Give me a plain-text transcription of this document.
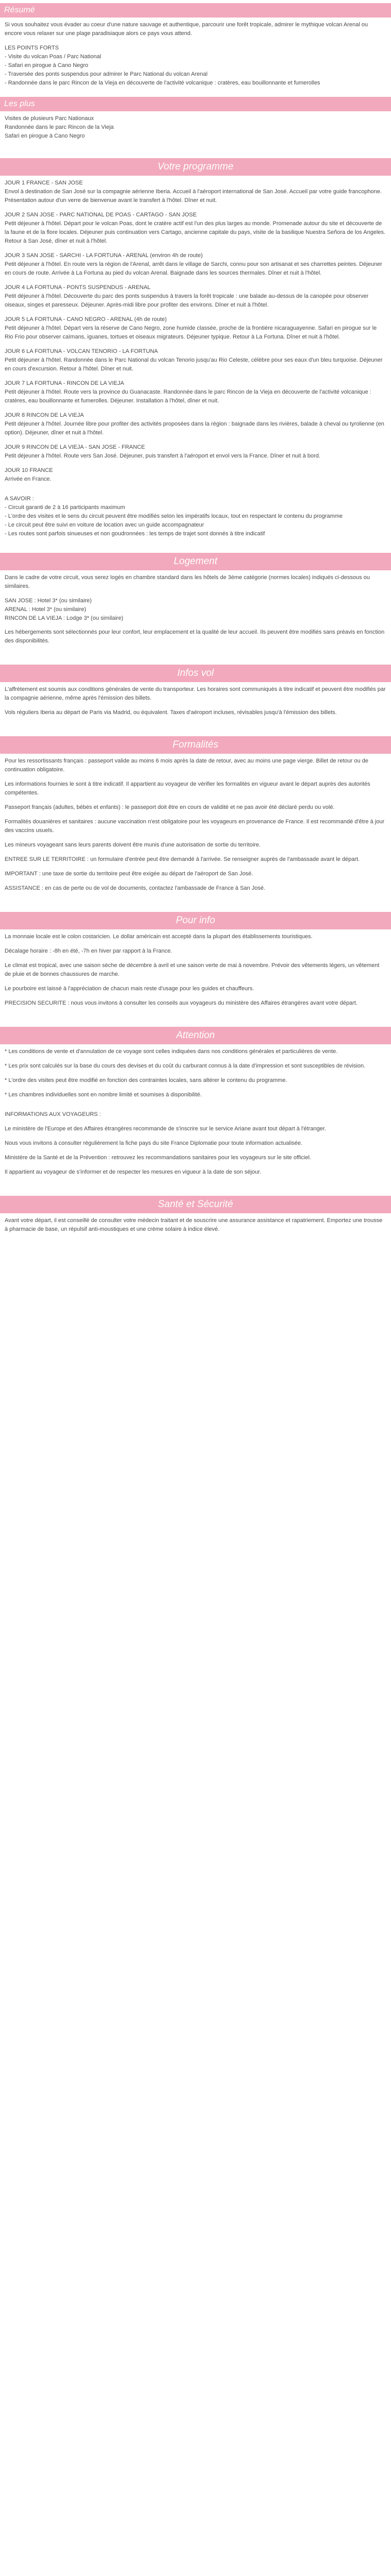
Résumé

Si vous souhaitez vous évader au coeur d'une nature sauvage et authentique, parcourir une forêt tropicale, admirer le mythique volcan Arenal ou encore vous relaxer sur une plage paradisiaque alors ce pays vous attend.

LES POINTS FORTS

- Visite du volcan Poas / Parc National

- Safari en pirogue à Cano Negro

- Traversée des ponts suspendus pour admirer le Parc National du volcan Arenal

- Randonnée dans le parc Rincon de la Vieja en découverte de l'activité volcanique : cratères, eau bouillonnante et fumerolles

Les plus

Visites de plusieurs Parc Nationaux

Randonnée dans le parc Rincon de la Vieja

Safari en pirogue à Cano Negro

Votre programme

JOUR 1 FRANCE - SAN JOSE

Envol à destination de San José sur la compagnie aérienne Iberia. Accueil à l'aéroport international de San José. Accueil par votre guide francophone. Présentation autour d'un verre de bienvenue avant le transfert à l'hôtel. Dîner et nuit.

JOUR 2 SAN JOSE - PARC NATIONAL DE POAS - CARTAGO - SAN JOSE

Petit déjeuner à l'hôtel. Départ pour le volcan Poas, dont le cratère actif est l'un des plus larges au monde. Promenade autour du site et découverte de la faune et de la flore locales. Déjeuner puis continuation vers Cartago, ancienne capitale du pays, visite de la basilique Nuestra Señora de los Angeles. Retour à San José, dîner et nuit à l'hôtel.

JOUR 3 SAN JOSE - SARCHI - LA FORTUNA - ARENAL (environ 4h de route)

Petit déjeuner à l'hôtel. En route vers la région de l'Arenal, arrêt dans le village de Sarchi, connu pour son artisanat et ses charrettes peintes. Déjeuner en cours de route. Arrivée à La Fortuna au pied du volcan Arenal. Baignade dans les sources thermales. Dîner et nuit à l'hôtel.

JOUR 4 LA FORTUNA - PONTS SUSPENDUS - ARENAL

Petit déjeuner à l'hôtel. Découverte du parc des ponts suspendus à travers la forêt tropicale : une balade au-dessus de la canopée pour observer oiseaux, singes et paresseux. Déjeuner. Après-midi libre pour profiter des environs. Dîner et nuit à l'hôtel.

JOUR 5 LA FORTUNA - CANO NEGRO - ARENAL (4h de route)

Petit déjeuner à l'hôtel. Départ vers la réserve de Cano Negro, zone humide classée, proche de la frontière nicaraguayenne. Safari en pirogue sur le Rio Frio pour observer caïmans, iguanes, tortues et oiseaux migrateurs. Déjeuner typique. Retour à La Fortuna. Dîner et nuit à l'hôtel.

JOUR 6 LA FORTUNA - VOLCAN TENORIO - LA FORTUNA

Petit déjeuner à l'hôtel. Randonnée dans le Parc National du volcan Tenorio jusqu'au Rio Celeste, célèbre pour ses eaux d'un bleu turquoise. Déjeuner en cours d'excursion. Retour à l'hôtel. Dîner et nuit.

JOUR 7 LA FORTUNA - RINCON DE LA VIEJA

Petit déjeuner à l'hôtel. Route vers la province du Guanacaste. Randonnée dans le parc Rincon de la Vieja en découverte de l'activité volcanique : cratères, eau bouillonnante et fumerolles. Déjeuner. Installation à l'hôtel, dîner et nuit.

JOUR 8 RINCON DE LA VIEJA

Petit déjeuner à l'hôtel. Journée libre pour profiter des activités proposées dans la région : baignade dans les rivières, balade à cheval ou tyrolienne (en option). Déjeuner, dîner et nuit à l'hôtel.

JOUR 9 RINCON DE LA VIEJA - SAN JOSE - FRANCE

Petit déjeuner à l'hôtel. Route vers San José. Déjeuner, puis transfert à l'aéroport et envol vers la France. Dîner et nuit à bord.

JOUR 10 FRANCE

Arrivée en France.

A SAVOIR :

- Circuit garanti de 2 à 16 participants maximum

- L'ordre des visites et le sens du circuit peuvent être modifiés selon les impératifs locaux, tout en respectant le contenu du programme

- Le circuit peut être suivi en voiture de location avec un guide accompagnateur

- Les routes sont parfois sinueuses et non goudronnées : les temps de trajet sont donnés à titre indicatif

Logement

Dans le cadre de votre circuit, vous serez logés en chambre standard dans les hôtels de 3ème catégorie (normes locales) indiqués ci-dessous ou similaires.

SAN JOSE : Hotel 3* (ou similaire)

ARENAL : Hotel 3* (ou similaire)

RINCON DE LA VIEJA : Lodge 3* (ou similaire)

Les hébergements sont sélectionnés pour leur confort, leur emplacement et la qualité de leur accueil. Ils peuvent être modifiés sans préavis en fonction des disponibilités.

Infos vol

L'affrètement est soumis aux conditions générales de vente du transporteur. Les horaires sont communiqués à titre indicatif et peuvent être modifiés par la compagnie aérienne, même après l'émission des billets.

Vols réguliers Iberia au départ de Paris via Madrid, ou équivalent. Taxes d'aéroport incluses, révisables jusqu'à l'émission des billets.

Formalités

Pour les ressortissants français : passeport valide au moins 6 mois après la date de retour, avec au moins une page vierge. Billet de retour ou de continuation obligatoire.

Les informations fournies le sont à titre indicatif. Il appartient au voyageur de vérifier les formalités en vigueur avant le départ auprès des autorités compétentes.

Passeport français (adultes, bébés et enfants) : le passeport doit être en cours de validité et ne pas avoir été déclaré perdu ou volé.

Formalités douanières et sanitaires : aucune vaccination n'est obligatoire pour les voyageurs en provenance de France. Il est recommandé d'être à jour des vaccins usuels.

Les mineurs voyageant sans leurs parents doivent être munis d'une autorisation de sortie du territoire.

ENTREE SUR LE TERRITOIRE : un formulaire d'entrée peut être demandé à l'arrivée. Se renseigner auprès de l'ambassade avant le départ.

IMPORTANT : une taxe de sortie du territoire peut être exigée au départ de l'aéroport de San José.

ASSISTANCE : en cas de perte ou de vol de documents, contactez l'ambassade de France à San José.

Pour info

La monnaie locale est le colon costaricien. Le dollar américain est accepté dans la plupart des établissements touristiques.

Décalage horaire : -8h en été, -7h en hiver par rapport à la France.

Le climat est tropical, avec une saison sèche de décembre à avril et une saison verte de mai à novembre. Prévoir des vêtements légers, un vêtement de pluie et de bonnes chaussures de marche.

Le pourboire est laissé à l'appréciation de chacun mais reste d'usage pour les guides et chauffeurs.

PRECISION SECURITE : nous vous invitons à consulter les conseils aux voyageurs du ministère des Affaires étrangères avant votre départ.

Attention

* Les conditions de vente et d'annulation de ce voyage sont celles indiquées dans nos conditions générales et particulières de vente.

* Les prix sont calculés sur la base du cours des devises et du coût du carburant connus à la date d'impression et sont susceptibles de révision.

* L'ordre des visites peut être modifié en fonction des contraintes locales, sans altérer le contenu du programme.

* Les chambres individuelles sont en nombre limité et soumises à disponibilité.

INFORMATIONS AUX VOYAGEURS :

Le ministère de l'Europe et des Affaires étrangères recommande de s'inscrire sur le service Ariane avant tout départ à l'étranger.

Nous vous invitons à consulter régulièrement la fiche pays du site France Diplomatie pour toute information actualisée.

Ministère de la Santé et de la Prévention : retrouvez les recommandations sanitaires pour les voyageurs sur le site officiel.

Il appartient au voyageur de s'informer et de respecter les mesures en vigueur à la date de son séjour.

Santé et Sécurité

Avant votre départ, il est conseillé de consulter votre médecin traitant et de souscrire une assurance assistance et rapatriement. Emportez une trousse à pharmacie de base, un répulsif anti-moustiques et une crème solaire à indice élevé.
